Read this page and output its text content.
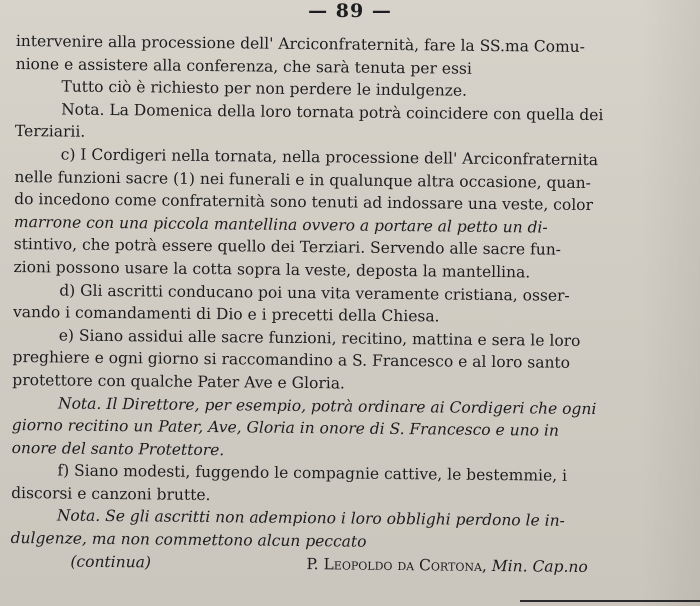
— 89 —
intervenire alla processione dell' Arciconfraternità, fare la SS.ma Comu-
nione e assistere alla conferenza, che sarà tenuta per essi
Tutto ciò è richiesto per non perdere le indulgenze.
Nota. La Domenica della loro tornata potrà coincidere con quella dei
Terziarii.
c) I Cordigeri nella tornata, nella processione dell' Arciconfraternita
nelle funzioni sacre (1) nei funerali e in qualunque altra occasione, quan-
do incedono come confraternità sono tenuti ad indossare una veste, color
marrone con una piccola mantellina ovvero a portare al petto un di-
stintivo, che potrà essere quello dei Terziari. Servendo alle sacre fun-
zioni possono usare la cotta sopra la veste, deposta la mantellina.
d) Gli ascritti conducano poi una vita veramente cristiana, osser-
vando i comandamenti di Dio e i precetti della Chiesa.
e) Siano assidui alle sacre funzioni, recitino, mattina e sera le loro
preghiere e ogni giorno si raccomandino a S. Francesco e al loro santo
protettore con qualche Pater Ave e Gloria.
Nota. Il Direttore, per esempio, potrà ordinare ai Cordigeri che ogni
giorno recitino un Pater, Ave, Gloria in onore di S. Francesco e uno in
onore del santo Protettore.
f) Siano modesti, fuggendo le compagnie cattive, le bestemmie, i
discorsi e canzoni brutte.
Nota. Se gli ascritti non adempiono i loro obblighi perdono le in-
dulgenze, ma non commettono alcun peccato
(continua)	P. Leopoldo da Cortona, Min. Cap.no
